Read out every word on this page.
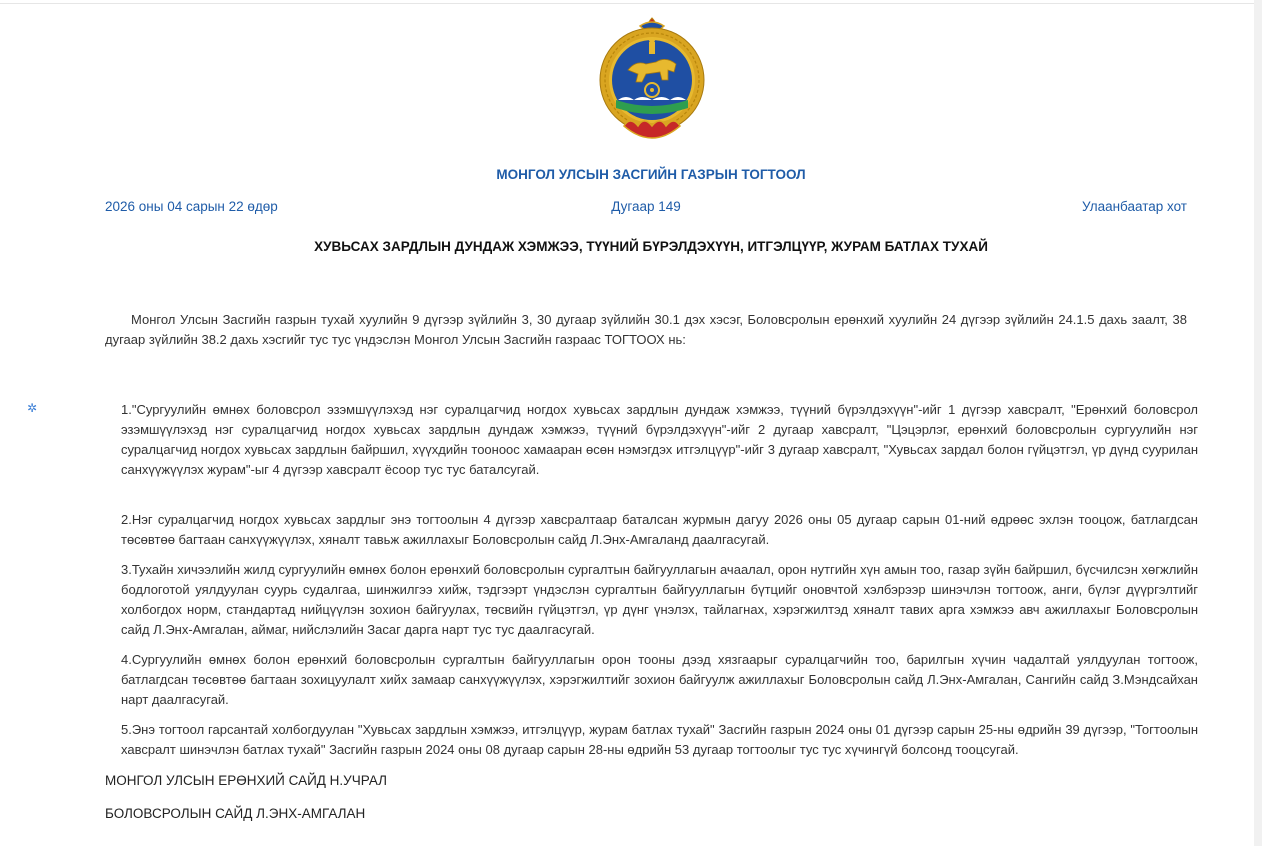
МОНГОЛ УЛСЫН ЗАСГИЙН ГАЗРЫН ТОГТООЛ
2026 оны 04 сарын 22 өдөр	Дугаар 149	Улаанбаатар хот
ХУВЬСАХ ЗАРДЛЫН ДУНДАЖ ХЭМЖЭЭ, ТҮҮНИЙ БҮРЭЛДЭХҮҮН, ИТГЭЛЦҮҮР, ЖУРАМ БАТЛАХ ТУХАЙ

Монгол Улсын Засгийн газрын тухай хуулийн 9 дүгээр зүйлийн 3, 30 дугаар зүйлийн 30.1 дэх хэсэг, Боловсролын ерөнхий хуулийн 24 дүгээр зүйлийн 24.1.5 дахь заалт, 38 дугаар зүйлийн 38.2 дахь хэсгийг тус тус үндэслэн Монгол Улсын Засгийн газраас ТОГТООХ нь:

✲	1."Сургуулийн өмнөх боловсрол эзэмшүүлэхэд нэг суралцагчид ногдох хувьсах зардлын дундаж хэмжээ, түүний бүрэлдэхүүн"-ийг 1 дүгээр хавсралт, "Ерөнхий боловсрол эзэмшүүлэхэд нэг суралцагчид ногдох хувьсах зардлын дундаж хэмжээ, түүний бүрэлдэхүүн"-ийг 2 дугаар хавсралт, "Цэцэрлэг, ерөнхий боловсролын сургуулийн нэг суралцагчид ногдох хувьсах зардлын байршил, хүүхдийн тооноос хамааран өсөн нэмэгдэх итгэлцүүр"-ийг 3 дугаар хавсралт, "Хувьсах зардал болон гүйцэтгэл, үр дүнд суурилан санхүүжүүлэх журам"-ыг 4 дүгээр хавсралт ёсоор тус тус баталсугай.

2.Нэг суралцагчид ногдох хувьсах зардлыг энэ тогтоолын 4 дүгээр хавсралтаар баталсан журмын дагуу 2026 оны 05 дугаар сарын 01-ний өдрөөс эхлэн тооцож, батлагдсан төсөвтөө багтаан санхүүжүүлэх, хяналт тавьж ажиллахыг Боловсролын сайд Л.Энх-Амгаланд даалгасугай.

3.Тухайн хичээлийн жилд сургуулийн өмнөх болон ерөнхий боловсролын сургалтын байгууллагын ачаалал, орон нутгийн хүн амын тоо, газар зүйн байршил, бүсчилсэн хөгжлийн бодлоготой уялдуулан суурь судалгаа, шинжилгээ хийж, тэдгээрт үндэслэн сургалтын байгууллагын бүтцийг оновчтой хэлбэрээр шинэчлэн тогтоож, анги, бүлэг дүүргэлтийг холбогдох норм, стандартад нийцүүлэн зохион байгуулах, төсвийн гүйцэтгэл, үр дүнг үнэлэх, тайлагнах, хэрэгжилтэд хяналт тавих арга хэмжээ авч ажиллахыг Боловсролын сайд Л.Энх-Амгалан, аймаг, нийслэлийн Засаг дарга нарт тус тус даалгасугай.

4.Сургуулийн өмнөх болон ерөнхий боловсролын сургалтын байгууллагын орон тооны дээд хязгаарыг суралцагчийн тоо, барилгын хүчин чадалтай уялдуулан тогтоож, батлагдсан төсөвтөө багтаан зохицуулалт хийх замаар санхүүжүүлэх, хэрэгжилтийг зохион байгуулж ажиллахыг Боловсролын сайд Л.Энх-Амгалан, Сангийн сайд З.Мэндсайхан нарт даалгасугай.

5.Энэ тогтоол гарсантай холбогдуулан "Хувьсах зардлын хэмжээ, итгэлцүүр, журам батлах тухай" Засгийн газрын 2024 оны 01 дүгээр сарын 25-ны өдрийн 39 дүгээр, "Тогтоолын хавсралт шинэчлэн батлах тухай" Засгийн газрын 2024 оны 08 дугаар сарын 28-ны өдрийн 53 дугаар тогтоолыг тус тус хүчингүй болсонд тооцсугай.

МОНГОЛ УЛСЫН ЕРӨНХИЙ САЙД Н.УЧРАЛ

БОЛОВСРОЛЫН САЙД Л.ЭНХ-АМГАЛАН
